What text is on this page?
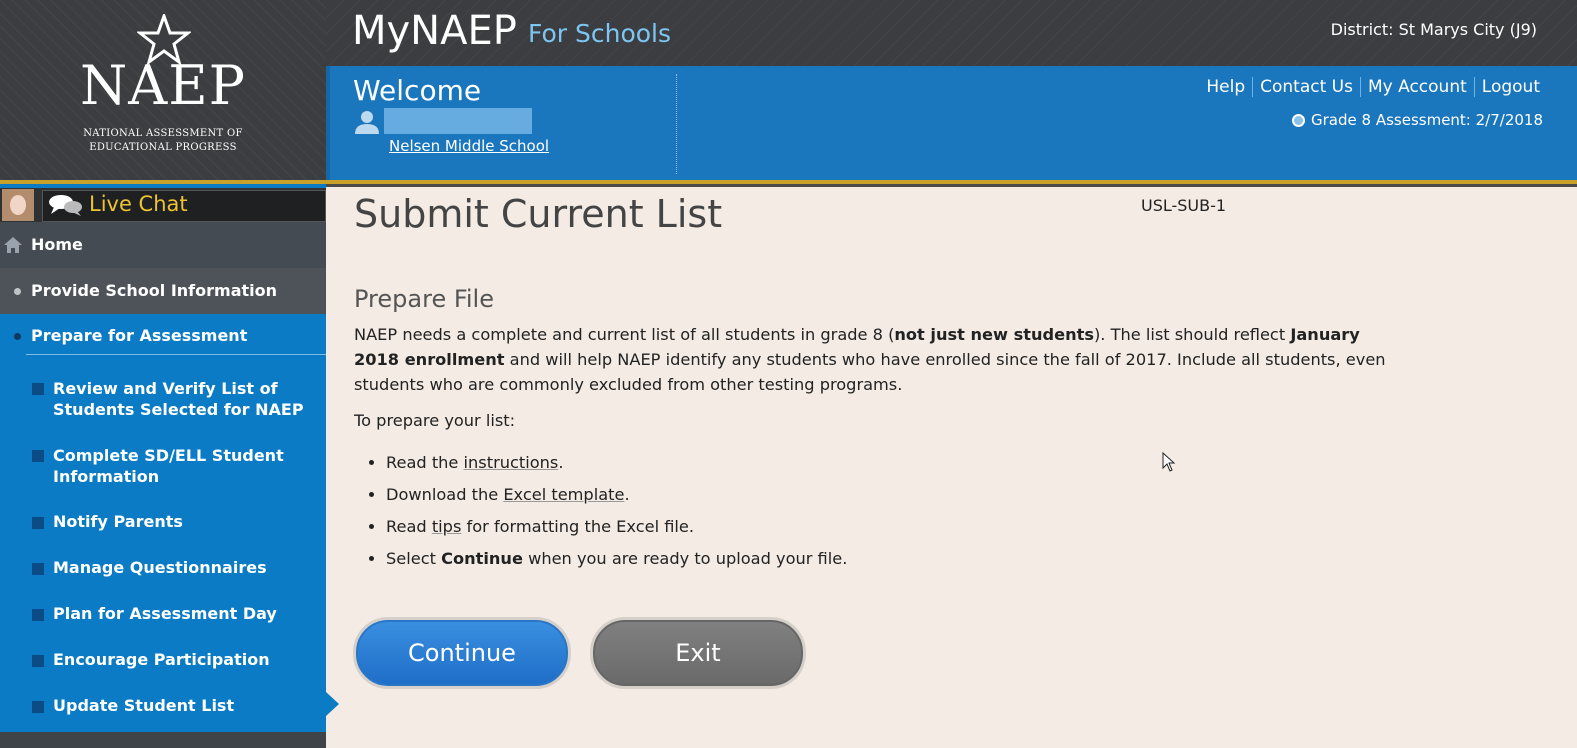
NAEP
NATIONAL ASSESSMENT OF EDUCATIONAL PROGRESS
MyNAEP For Schools	District: St Marys City (J9)
Welcome
Nelsen Middle School
Help Contact Us My Account Logout
Grade 8 Assessment: 2/7/2018
Live Chat
Home
Provide School Information
Prepare for Assessment
Review and Verify List of Students Selected for NAEP
Complete SD/ELL Student Information
Notify Parents
Manage Questionnaires
Plan for Assessment Day
Encourage Participation
Update Student List
Submit Current List	USL-SUB-1
Prepare File
NAEP needs a complete and current list of all students in grade 8 (not just new students). The list should reflect January 2018 enrollment and will help NAEP identify any students who have enrolled since the fall of 2017. Include all students, even students who are commonly excluded from other testing programs.
To prepare your list:
• Read the instructions.
• Download the Excel template.
• Read tips for formatting the Excel file.
• Select Continue when you are ready to upload your file.
Continue	Exit
